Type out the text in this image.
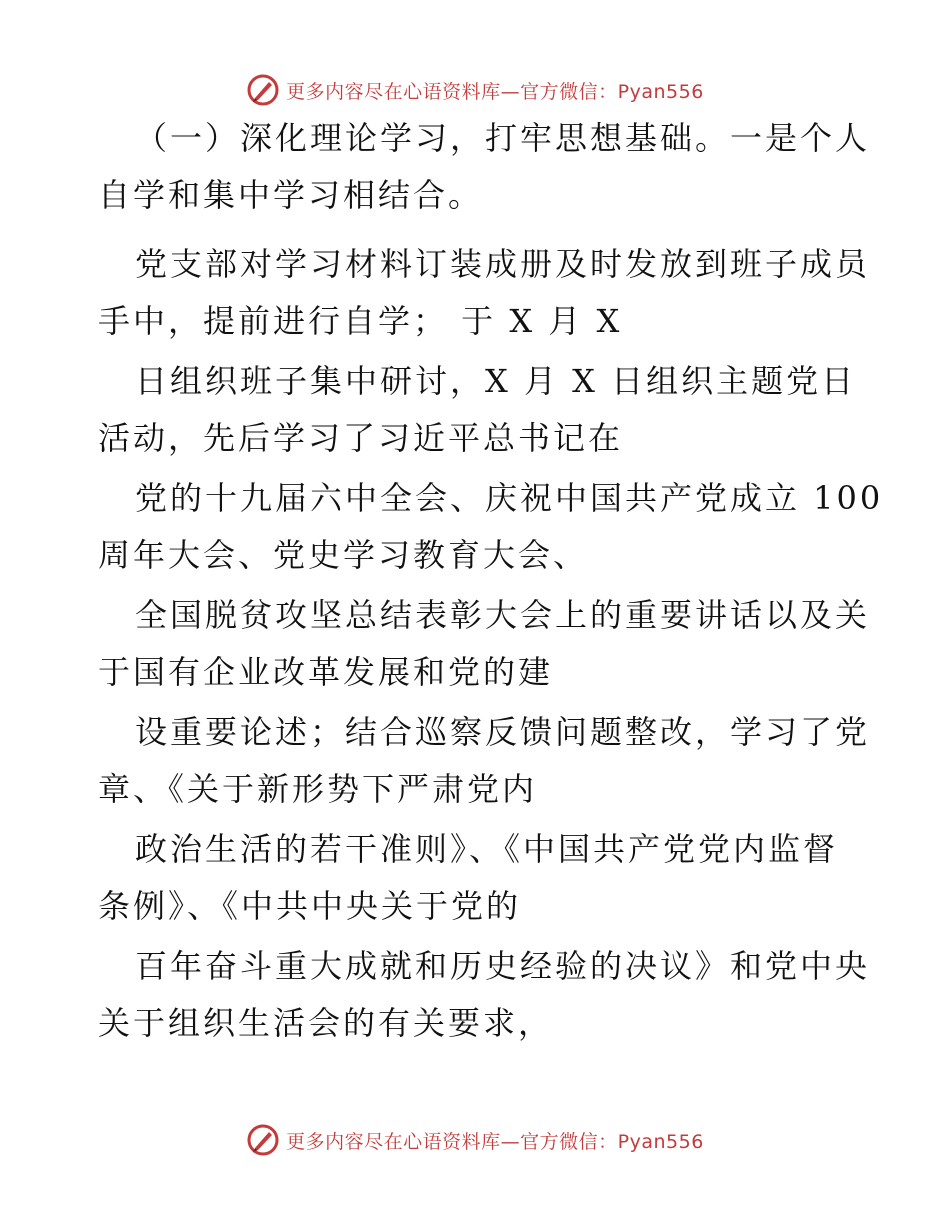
更多内容尽在心语资料库—官方微信：Pyan556
（一）深化理论学习，打牢思想基础。一是个人
自学和集中学习相结合。
党支部对学习材料订装成册及时发放到班子成员
手中，提前进行自学； 于 X 月 X
日组织班子集中研讨，X 月 X 日组织主题党日
活动，先后学习了习近平总书记在
党的十九届六中全会、庆祝中国共产党成立 100
周年大会、党史学习教育大会、
全国脱贫攻坚总结表彰大会上的重要讲话以及关
于国有企业改革发展和党的建
设重要论述；结合巡察反馈问题整改，学习了党
章、《关于新形势下严肃党内
政治生活的若干准则》、《中国共产党党内监督
条例》、《中共中央关于党的
百年奋斗重大成就和历史经验的决议》和党中央
关于组织生活会的有关要求，
更多内容尽在心语资料库—官方微信：Pyan556
